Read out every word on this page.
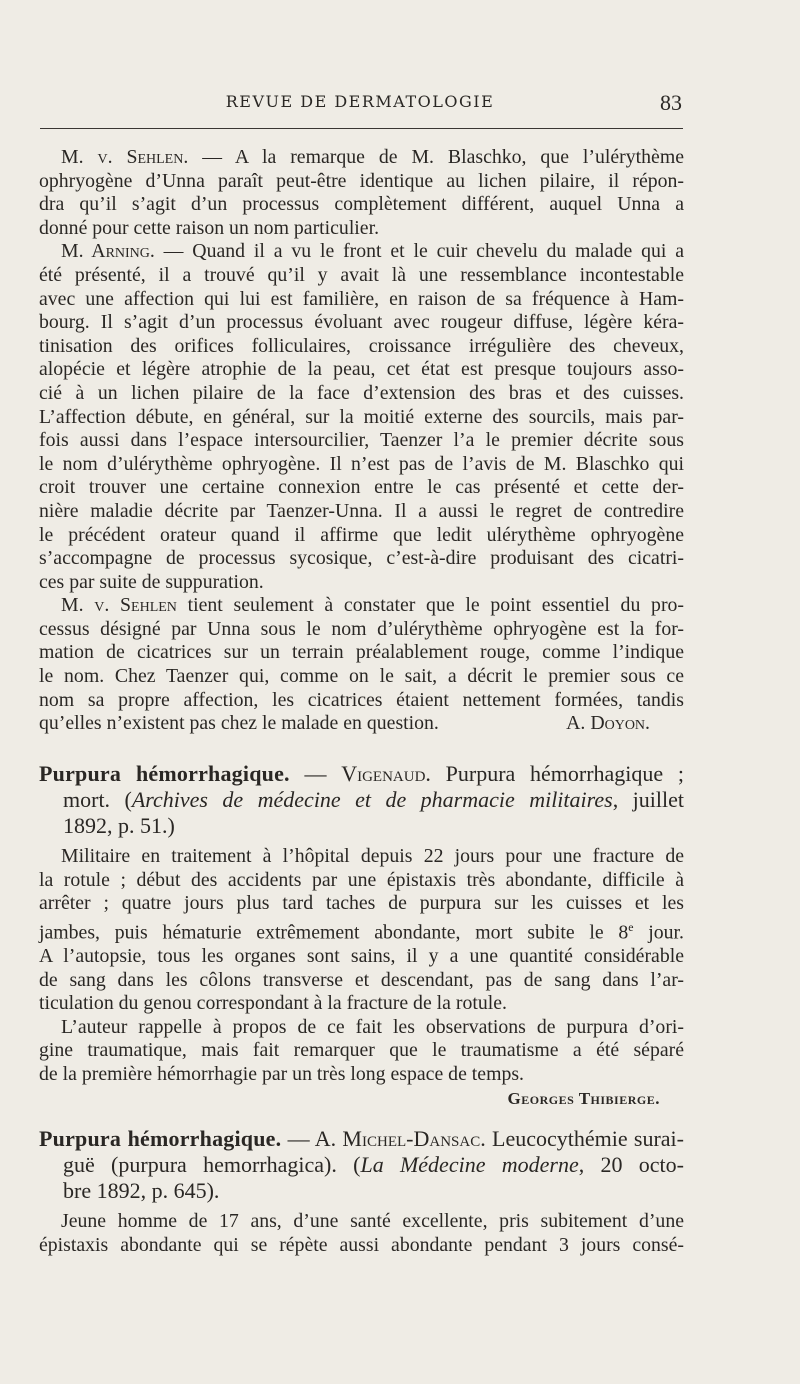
REVUE DE DERMATOLOGIE	83
M. v. Sehlen. — A la remarque de M. Blaschko, que l’ulérythème
ophryogène d’Unna paraît peut-être identique au lichen pilaire, il répon-
dra qu’il s’agit d’un processus complètement différent, auquel Unna a
donné pour cette raison un nom particulier.
M. Arning. — Quand il a vu le front et le cuir chevelu du malade qui a
été présenté, il a trouvé qu’il y avait là une ressemblance incontestable
avec une affection qui lui est familière, en raison de sa fréquence à Ham-
bourg. Il s’agit d’un processus évoluant avec rougeur diffuse, légère kéra-
tinisation des orifices folliculaires, croissance irrégulière des cheveux,
alopécie et légère atrophie de la peau, cet état est presque toujours asso-
cié à un lichen pilaire de la face d’extension des bras et des cuisses.
L’affection débute, en général, sur la moitié externe des sourcils, mais par-
fois aussi dans l’espace intersourcilier, Taenzer l’a le premier décrite sous
le nom d’ulérythème ophryogène. Il n’est pas de l’avis de M. Blaschko qui
croit trouver une certaine connexion entre le cas présenté et cette der-
nière maladie décrite par Taenzer-Unna. Il a aussi le regret de contredire
le précédent orateur quand il affirme que ledit ulérythème ophryogène
s’accompagne de processus sycosique, c’est-à-dire produisant des cicatri-
ces par suite de suppuration.
M. v. Sehlen tient seulement à constater que le point essentiel du pro-
cessus désigné par Unna sous le nom d’ulérythème ophryogène est la for-
mation de cicatrices sur un terrain préalablement rouge, comme l’indique
le nom. Chez Taenzer qui, comme on le sait, a décrit le premier sous ce
nom sa propre affection, les cicatrices étaient nettement formées, tandis
qu’elles n’existent pas chez le malade en question.	A. Doyon.
Purpura hémorrhagique. — Vigenaud. Purpura hémorrhagique ;
mort. (Archives de médecine et de pharmacie militaires, juillet
1892, p. 51.)
Militaire en traitement à l’hôpital depuis 22 jours pour une fracture de
la rotule ; début des accidents par une épistaxis très abondante, difficile à
arrêter ; quatre jours plus tard taches de purpura sur les cuisses et les
jambes, puis hématurie extrêmement abondante, mort subite le 8e jour.
A l’autopsie, tous les organes sont sains, il y a une quantité considérable
de sang dans les côlons transverse et descendant, pas de sang dans l’ar-
ticulation du genou correspondant à la fracture de la rotule.
L’auteur rappelle à propos de ce fait les observations de purpura d’ori-
gine traumatique, mais fait remarquer que le traumatisme a été séparé
de la première hémorrhagie par un très long espace de temps.
Georges Thibierge.
Purpura hémorrhagique. — A. Michel-Dansac. Leucocythémie surai-
guë (purpura hemorrhagica). (La Médecine moderne, 20 octo-
bre 1892, p. 645).
Jeune homme de 17 ans, d’une santé excellente, pris subitement d’une
épistaxis abondante qui se répète aussi abondante pendant 3 jours consé-
